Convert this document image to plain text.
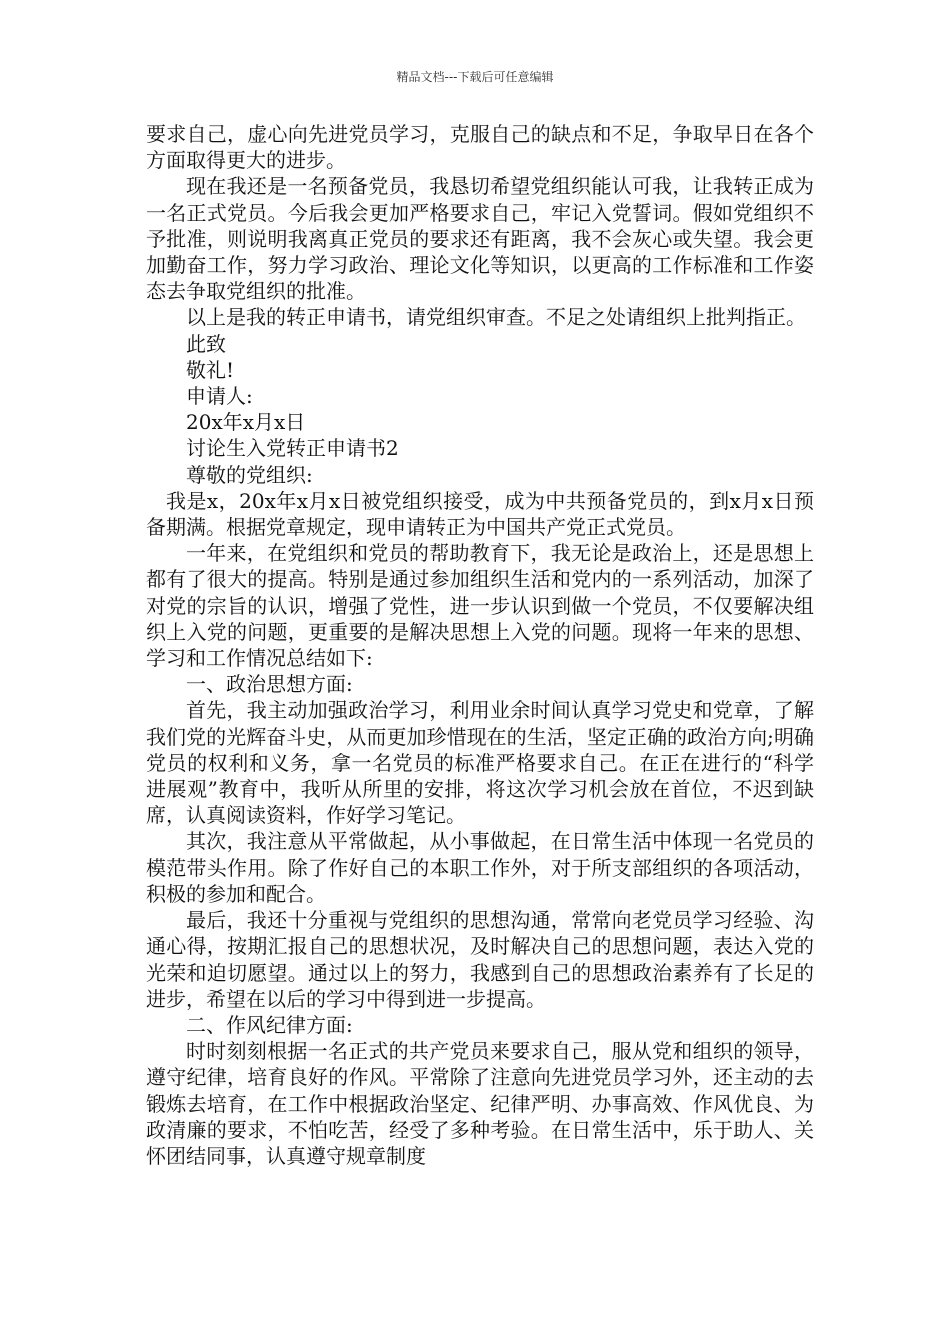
精品文档---下载后可任意编辑

要求自己，虚心向先进党员学习，克服自己的缺点和不足，争取早日在各个方面取得更大的进步。

现在我还是一名预备党员，我恳切希望党组织能认可我，让我转正成为一名正式党员。今后我会更加严格要求自己，牢记入党誓词。假如党组织不予批准，则说明我离真正党员的要求还有距离，我不会灰心或失望。我会更加勤奋工作，努力学习政治、理论文化等知识，以更高的工作标准和工作姿态去争取党组织的批准。

以上是我的转正申请书，请党组织审查。不足之处请组织上批判指正。

此致

敬礼!

申请人:

20x年x月x日

讨论生入党转正申请书2

尊敬的党组织:

我是x，20x年x月x日被党组织接受，成为中共预备党员的，到x月x日预备期满。根据党章规定，现申请转正为中国共产党正式党员。

一年来，在党组织和党员的帮助教育下，我无论是政治上，还是思想上都有了很大的提高。特别是通过参加组织生活和党内的一系列活动，加深了对党的宗旨的认识，增强了党性，进一步认识到做一个党员，不仅要解决组织上入党的问题，更重要的是解决思想上入党的问题。现将一年来的思想、学习和工作情况总结如下:

一、政治思想方面:

首先，我主动加强政治学习，利用业余时间认真学习党史和党章，了解我们党的光辉奋斗史，从而更加珍惜现在的生活，坚定正确的政治方向;明确党员的权利和义务，拿一名党员的标准严格要求自己。在正在进行的“科学进展观”教育中，我听从所里的安排，将这次学习机会放在首位，不迟到缺席，认真阅读资料，作好学习笔记。

其次，我注意从平常做起，从小事做起，在日常生活中体现一名党员的模范带头作用。除了作好自己的本职工作外，对于所支部组织的各项活动，积极的参加和配合。

最后，我还十分重视与党组织的思想沟通，常常向老党员学习经验、沟通心得，按期汇报自己的思想状况，及时解决自己的思想问题，表达入党的光荣和迫切愿望。通过以上的努力，我感到自己的思想政治素养有了长足的进步，希望在以后的学习中得到进一步提高。

二、作风纪律方面:

时时刻刻根据一名正式的共产党员来要求自己，服从党和组织的领导，遵守纪律，培育良好的作风。平常除了注意向先进党员学习外，还主动的去锻炼去培育，在工作中根据政治坚定、纪律严明、办事高效、作风优良、为政清廉的要求，不怕吃苦，经受了多种考验。在日常生活中，乐于助人、关怀团结同事，认真遵守规章制度
